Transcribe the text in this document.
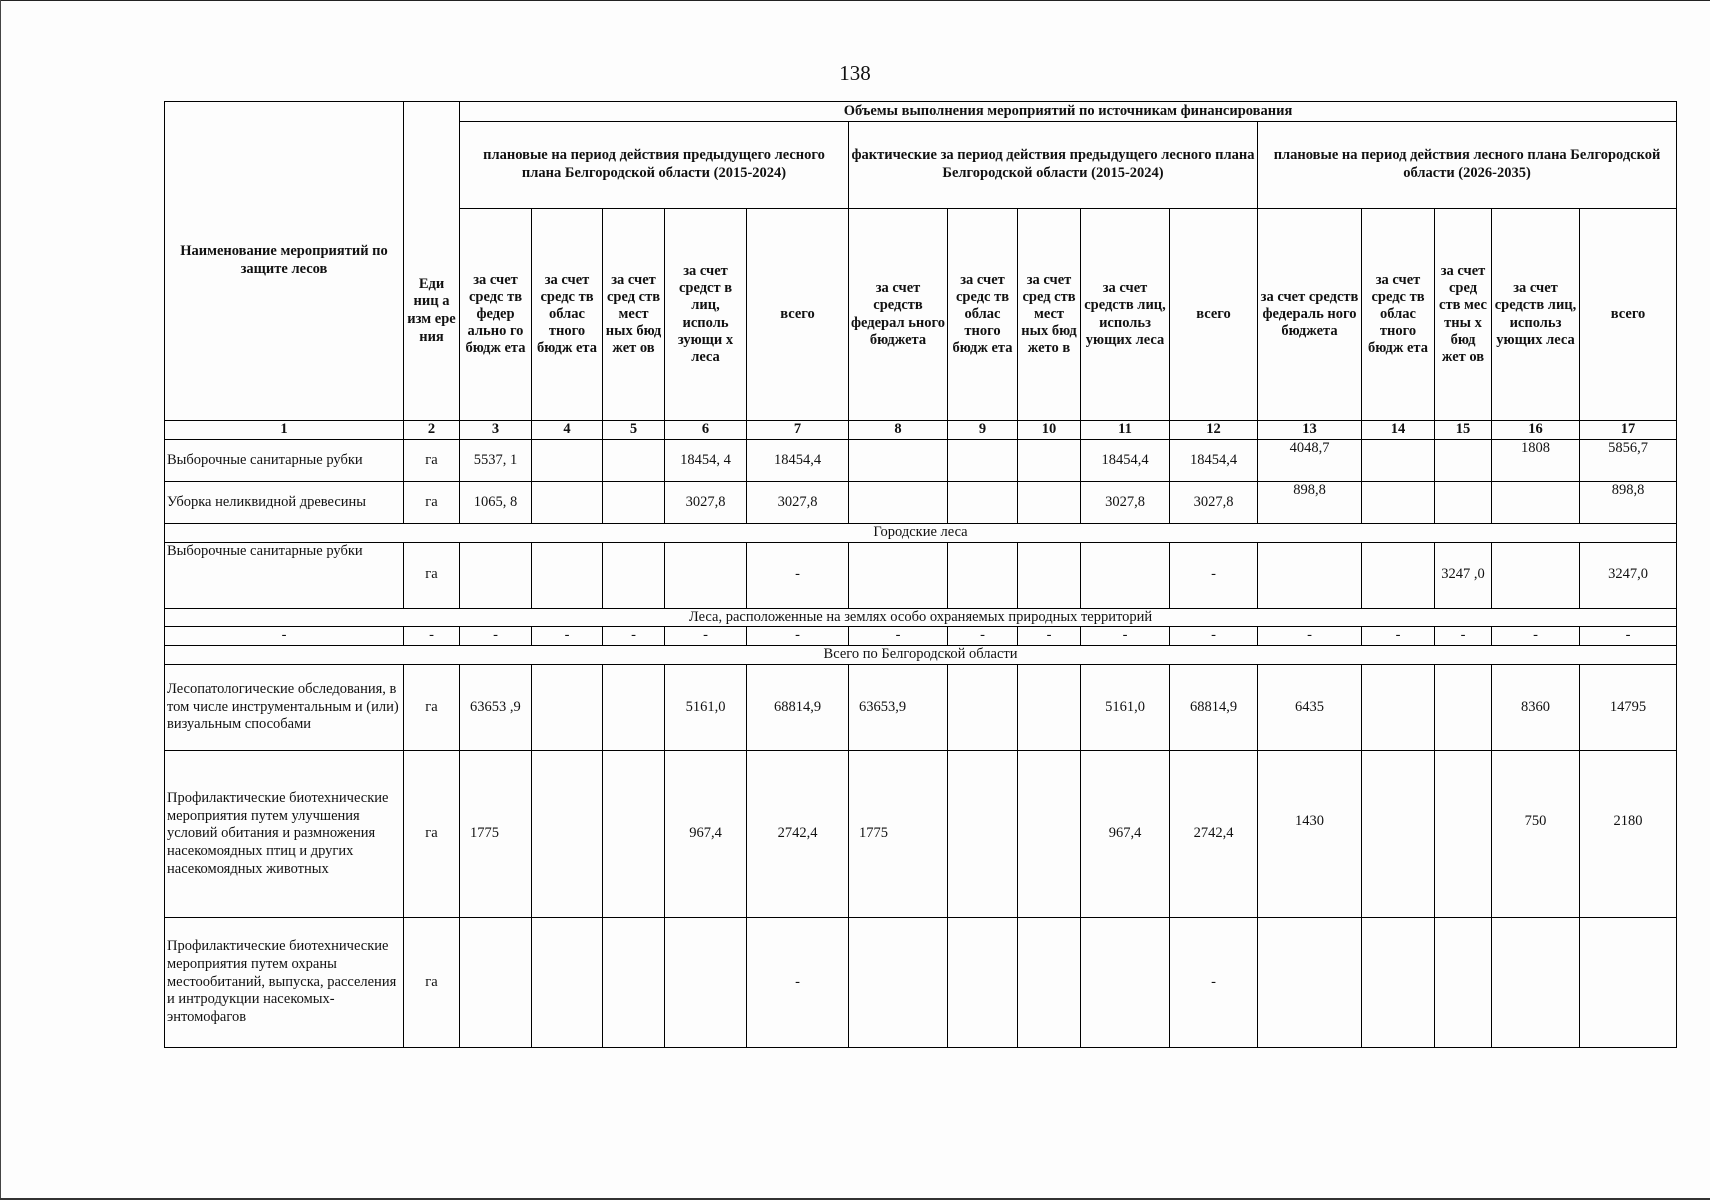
138
Наименование мероприятий по защите лесов	Еди ниц а изм ере ния	Объемы выполнения мероприятий по источникам финансирования														
		плановые на период действия предыдущего лесного плана Белгородской области (2015-2024)					фактические за период действия предыдущего лесного плана Белгородской области (2015-2024)					плановые на период действия лесного плана Белгородской области (2026-2035)				
		за счет средс тв федер ально го бюдж ета	за счет средс тв облас тного бюдж ета	за счет сред ств мест ных бюд жет ов	за счет средст в лиц, исполь зующи х леса	всего	за счет средств федерал ьного бюджета	за счет средс тв облас тного бюдж ета	за счет сред ств мест ных бюд жето в	за счет средств лиц, использ ующих леса	всего	за счет средств федераль ного бюджета	за счет средс тв облас тного бюдж ета	за счет сред ств мес тны х бюд жет ов	за счет средств лиц, использ ующих леса	всего
1	2	3	4	5	6	7	8	9	10	11	12	13	14	15	16	17
Выборочные санитарные рубки	га	5537, 1			18454, 4	18454,4				18454,4	18454,4	4048,7			1808	5856,7
Уборка неликвидной древесины	га	1065, 8			3027,8	3027,8				3027,8	3027,8	898,8				898,8
Городские леса																
Выборочные санитарные рубки	га					-					-			3247 ,0		3247,0
Леса, расположенные на землях особо охраняемых природных территорий																
-	-	-	-	-	-	-	-	-	-	-	-	-	-	-	-	-
Всего по Белгородской области																
Лесопатологические обследования, в том числе инструментальным и (или) визуальным способами	га	63653 ,9			5161,0	68814,9	63653,9			5161,0	68814,9	6435			8360	14795
Профилактические биотехнические мероприятия путем улучшения условий обитания и размножения насекомоядных птиц и других насекомоядных животных	га	1775			967,4	2742,4	1775			967,4	2742,4	1430			750	2180
Профилактические биотехнические мероприятия путем охраны местообитаний, выпуска, расселения и интродукции насекомых-энтомофагов	га					-					-					
